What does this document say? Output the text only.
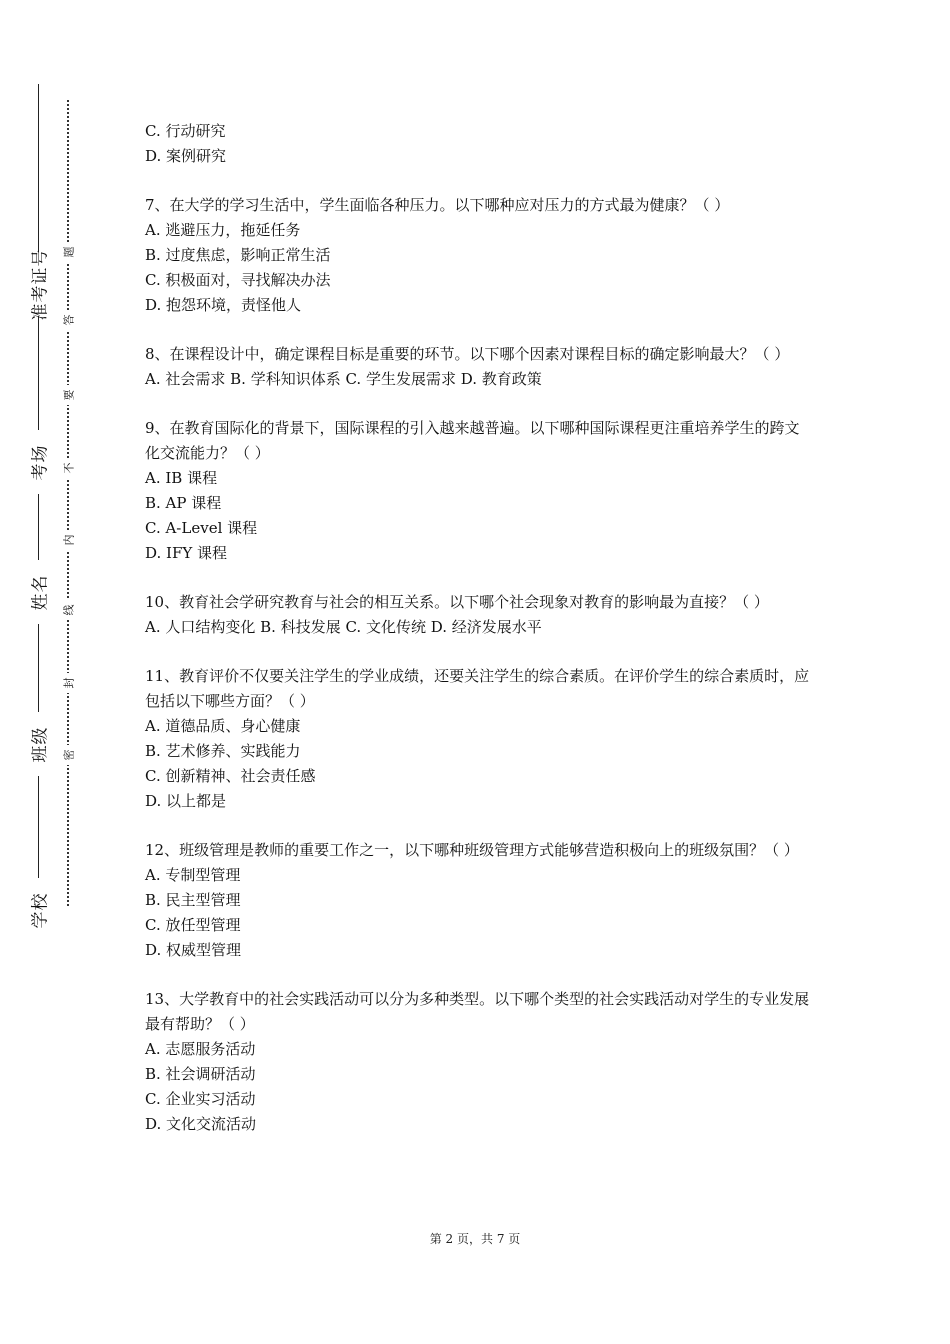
准考证号
考场
姓名
班级
学校
题
答
要
不
内
线
封
密

C. 行动研究

D. 案例研究

7、在大学的学习生活中，学生面临各种压力。以下哪种应对压力的方式最为健康？（ ）

A. 逃避压力，拖延任务

B. 过度焦虑，影响正常生活

C. 积极面对，寻找解决办法

D. 抱怨环境，责怪他人

8、在课程设计中，确定课程目标是重要的环节。以下哪个因素对课程目标的确定影响最大？（ ）

A. 社会需求 B. 学科知识体系 C. 学生发展需求 D. 教育政策

9、在教育国际化的背景下，国际课程的引入越来越普遍。以下哪种国际课程更注重培养学生的跨文化交流能力？（ ）

A. IB 课程

B. AP 课程

C. A-Level 课程

D. IFY 课程

10、教育社会学研究教育与社会的相互关系。以下哪个社会现象对教育的影响最为直接？（ ）

A. 人口结构变化 B. 科技发展 C. 文化传统 D. 经济发展水平

11、教育评价不仅要关注学生的学业成绩，还要关注学生的综合素质。在评价学生的综合素质时，应包括以下哪些方面？（ ）

A. 道德品质、身心健康

B. 艺术修养、实践能力

C. 创新精神、社会责任感

D. 以上都是

12、班级管理是教师的重要工作之一，以下哪种班级管理方式能够营造积极向上的班级氛围？（ ）

A. 专制型管理

B. 民主型管理

C. 放任型管理

D. 权威型管理

13、大学教育中的社会实践活动可以分为多种类型。以下哪个类型的社会实践活动对学生的专业发展最有帮助？（ ）

A. 志愿服务活动

B. 社会调研活动

C. 企业实习活动

D. 文化交流活动

第 2 页，共 7 页
